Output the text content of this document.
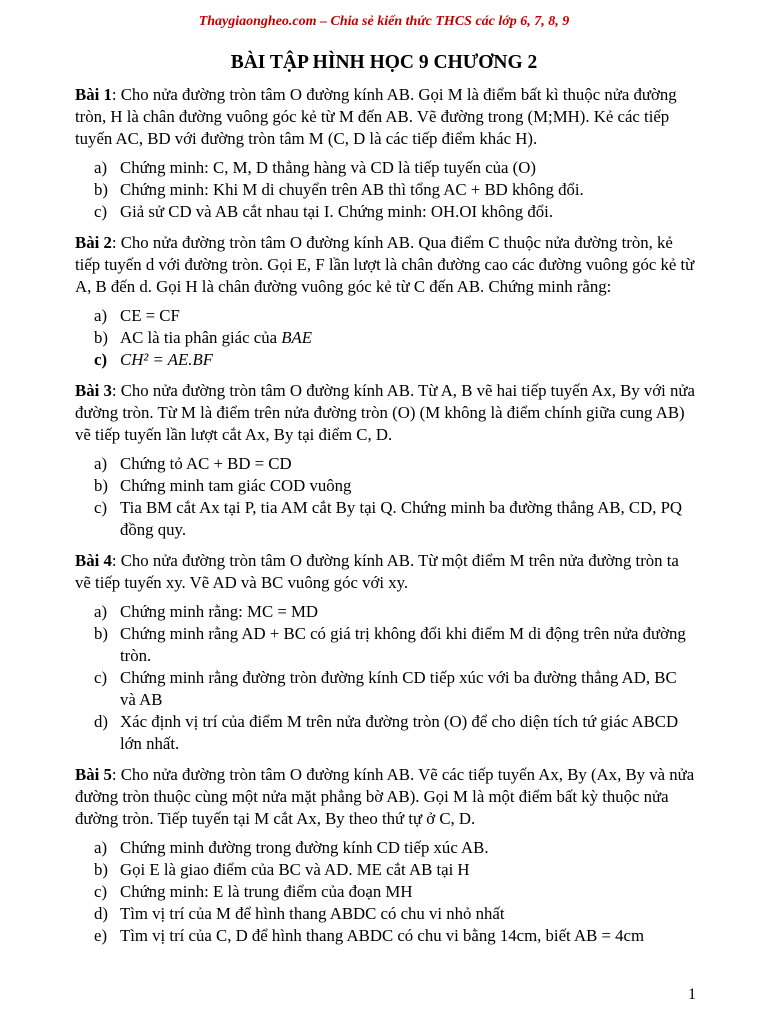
Thaygiaongheo.com – Chia sẻ kiến thức THCS các lớp 6, 7, 8, 9
BÀI TẬP HÌNH HỌC 9 CHƯƠNG 2

Bài 1: Cho nửa đường tròn tâm O đường kính AB. Gọi M là điểm bất kì thuộc nửa đường tròn, H là chân đường vuông góc kẻ từ M đến AB. Vẽ đường trong (M;MH). Kẻ các tiếp tuyến AC, BD với đường tròn tâm M (C, D là các tiếp điểm khác H).

a) Chứng minh: C, M, D thẳng hàng và CD là tiếp tuyến của (O)
b) Chứng minh: Khi M di chuyển trên AB thì tổng AC + BD không đổi.
c) Giả sử CD và AB cắt nhau tại I. Chứng minh: OH.OI không đổi.

Bài 2: Cho nửa đường tròn tâm O đường kính AB. Qua điểm C thuộc nửa đường tròn, kẻ tiếp tuyến d với đường tròn. Gọi E, F lần lượt là chân đường cao các đường vuông góc kẻ từ A, B đến d. Gọi H là chân đường vuông góc kẻ từ C đến AB. Chứng minh rằng:

a) CE = CF
b) AC là tia phân giác của BAE
c) CH² = AE.BF

Bài 3: Cho nửa đường tròn tâm O đường kính AB. Từ A, B vẽ hai tiếp tuyến Ax, By với nửa đường tròn. Từ M là điểm trên nửa đường tròn (O) (M không là điểm chính giữa cung AB) vẽ tiếp tuyến lần lượt cắt Ax, By tại điểm C, D.

a) Chứng tỏ AC + BD = CD
b) Chứng minh tam giác COD vuông
c) Tia BM cắt Ax tại P, tia AM cắt By tại Q. Chứng minh ba đường thẳng AB, CD, PQ đồng quy.

Bài 4: Cho nửa đường tròn tâm O đường kính AB. Từ một điểm M trên nửa đường tròn ta vẽ tiếp tuyến xy. Vẽ AD và BC vuông góc với xy.

a) Chứng minh rằng: MC = MD
b) Chứng minh rằng AD + BC có giá trị không đổi khi điểm M di động trên nửa đường tròn.
c) Chứng minh rằng đường tròn đường kính CD tiếp xúc với ba đường thẳng AD, BC và AB
d) Xác định vị trí của điểm M trên nửa đường tròn (O) để cho diện tích tứ giác ABCD lớn nhất.

Bài 5: Cho nửa đường tròn tâm O đường kính AB. Vẽ các tiếp tuyến Ax, By (Ax, By và nửa đường tròn thuộc cùng một nửa mặt phẳng bờ AB). Gọi M là một điểm bất kỳ thuộc nửa đường tròn. Tiếp tuyến tại M cắt Ax, By theo thứ tự ở C, D.

a) Chứng minh đường trong đường kính CD tiếp xúc AB.
b) Gọi E là giao điểm của BC và AD. ME cắt AB tại H
c) Chứng minh: E là trung điểm của đoạn MH
d) Tìm vị trí của M để hình thang ABDC có chu vi nhỏ nhất
e) Tìm vị trí của C, D để hình thang ABDC có chu vi bằng 14cm, biết AB = 4cm
1
